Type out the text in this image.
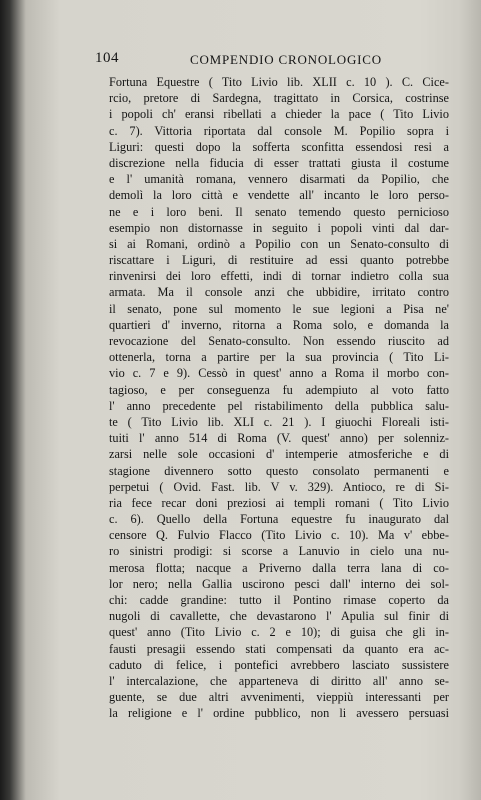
104	COMPENDIO CRONOLOGICO
Fortuna Equestre ( Tito Livio lib. XLII c. 10 ). C. Cice-
rcio, pretore di Sardegna, tragittato in Corsica, costrinse
i popoli ch' eransi ribellati a chieder la pace ( Tito Livio
c. 7). Vittoria riportata dal console M. Popilio sopra i
Liguri: questi dopo la sofferta sconfitta essendosi resi a
discrezione nella fiducia di esser trattati giusta il costume
e l' umanità romana, vennero disarmati da Popilio, che
demolì la loro città e vendette all' incanto le loro perso-
ne e i loro beni. Il senato temendo questo pernicioso
esempio non distornasse in seguito i popoli vinti dal dar-
si ai Romani, ordinò a Popilio con un Senato-consulto di
riscattare i Liguri, di restituire ad essi quanto potrebbe
rinvenirsi dei loro effetti, indi di tornar indietro colla sua
armata. Ma il console anzi che ubbidire, irritato contro
il senato, pone sul momento le sue legioni a Pisa ne'
quartieri d' inverno, ritorna a Roma solo, e domanda la
revocazione del Senato-consulto. Non essendo riuscito ad
ottenerla, torna a partire per la sua provincia ( Tito Li-
vio c. 7 e 9). Cessò in quest' anno a Roma il morbo con-
tagioso, e per conseguenza fu adempiuto al voto fatto
l' anno precedente pel ristabilimento della pubblica salu-
te ( Tito Livio lib. XLI c. 21 ). I giuochi Floreali isti-
tuiti l' anno 514 di Roma (V. quest' anno) per solenniz-
zarsi nelle sole occasioni d' intemperie atmosferiche e di
stagione divennero sotto questo consolato permanenti e
perpetui ( Ovid. Fast. lib. V v. 329). Antioco, re di Si-
ria fece recar doni preziosi ai templi romani ( Tito Livio
c. 6). Quello della Fortuna equestre fu inaugurato dal
censore Q. Fulvio Flacco (Tito Livio c. 10). Ma v' ebbe-
ro sinistri prodigi: si scorse a Lanuvio in cielo una nu-
merosa flotta; nacque a Priverno dalla terra lana di co-
lor nero; nella Gallia uscirono pesci dall' interno dei sol-
chi: cadde grandine: tutto il Pontino rimase coperto da
nugoli di cavallette, che devastarono l' Apulia sul finir di
quest' anno (Tito Livio c. 2 e 10); di guisa che gli in-
fausti presagii essendo stati compensati da quanto era ac-
caduto di felice, i pontefici avrebbero lasciato sussistere
l' intercalazione, che apparteneva di diritto all' anno se-
guente, se due altri avvenimenti, vieppiù interessanti per
la religione e l' ordine pubblico, non li avessero persuasi
